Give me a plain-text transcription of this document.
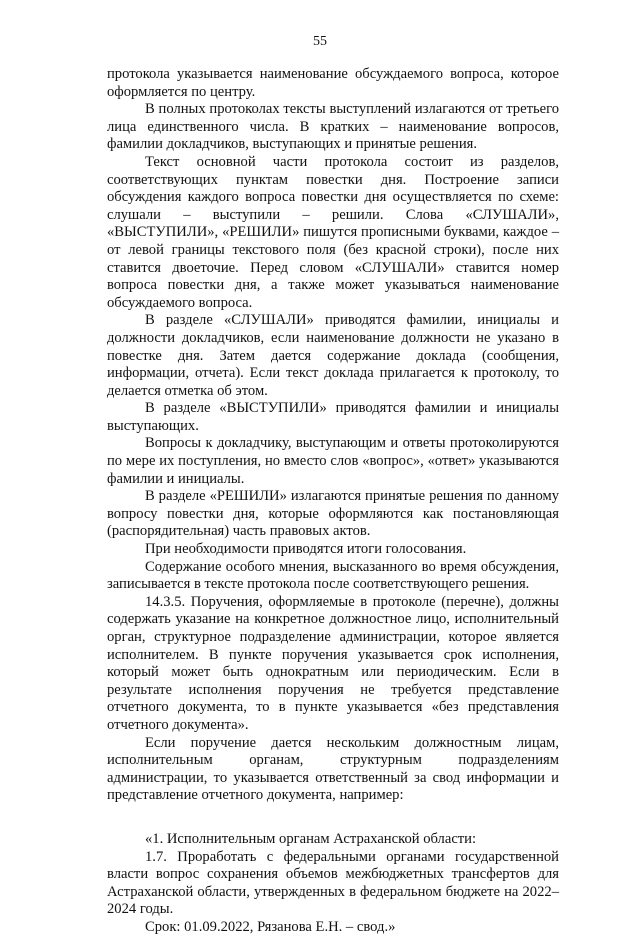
55

протокола указывается наименование обсуждаемого вопроса, которое оформляется по центру.

В полных протоколах тексты выступлений излагаются от третьего лица единственного числа. В кратких – наименование вопросов, фамилии докладчиков, выступающих и принятые решения.

Текст основной части протокола состоит из разделов, соответствующих пунктам повестки дня. Построение записи обсуждения каждого вопроса повестки дня осуществляется по схеме: слушали – выступили – решили. Слова «СЛУШАЛИ», «ВЫСТУПИЛИ», «РЕШИЛИ» пишутся прописными буквами, каждое – от левой границы текстового поля (без красной строки), после них ставится двоеточие. Перед словом «СЛУШАЛИ» ставится номер вопроса повестки дня, а также может указываться наименование обсуждаемого вопроса.

В разделе «СЛУШАЛИ» приводятся фамилии, инициалы и должности докладчиков, если наименование должности не указано в повестке дня. Затем дается содержание доклада (сообщения, информации, отчета). Если текст доклада прилагается к протоколу, то делается отметка об этом.

В разделе «ВЫСТУПИЛИ» приводятся фамилии и инициалы выступающих.

Вопросы к докладчику, выступающим и ответы протоколируются по мере их поступления, но вместо слов «вопрос», «ответ» указываются фамилии и инициалы.

В разделе «РЕШИЛИ» излагаются принятые решения по данному вопросу повестки дня, которые оформляются как постановляющая (распорядительная) часть правовых актов.

При необходимости приводятся итоги голосования.

Содержание особого мнения, высказанного во время обсуждения, записывается в тексте протокола после соответствующего решения.

14.3.5. Поручения, оформляемые в протоколе (перечне), должны содержать указание на конкретное должностное лицо, исполнительный орган, структурное подразделение администрации, которое является исполнителем. В пункте поручения указывается срок исполнения, который может быть однократным или периодическим. Если в результате исполнения поручения не требуется представление отчетного документа, то в пункте указывается «без представления отчетного документа».

Если поручение дается нескольким должностным лицам, исполнительным органам, структурным подразделениям администрации, то указывается ответственный за свод информации и представление отчетного документа, например:

«1. Исполнительным органам Астраханской области:

1.7. Проработать с федеральными органами государственной власти вопрос сохранения объемов межбюджетных трансфертов для Астраханской области, утвержденных в федеральном бюджете на 2022–2024 годы.

Срок: 01.09.2022, Рязанова Е.Н. – свод.»
